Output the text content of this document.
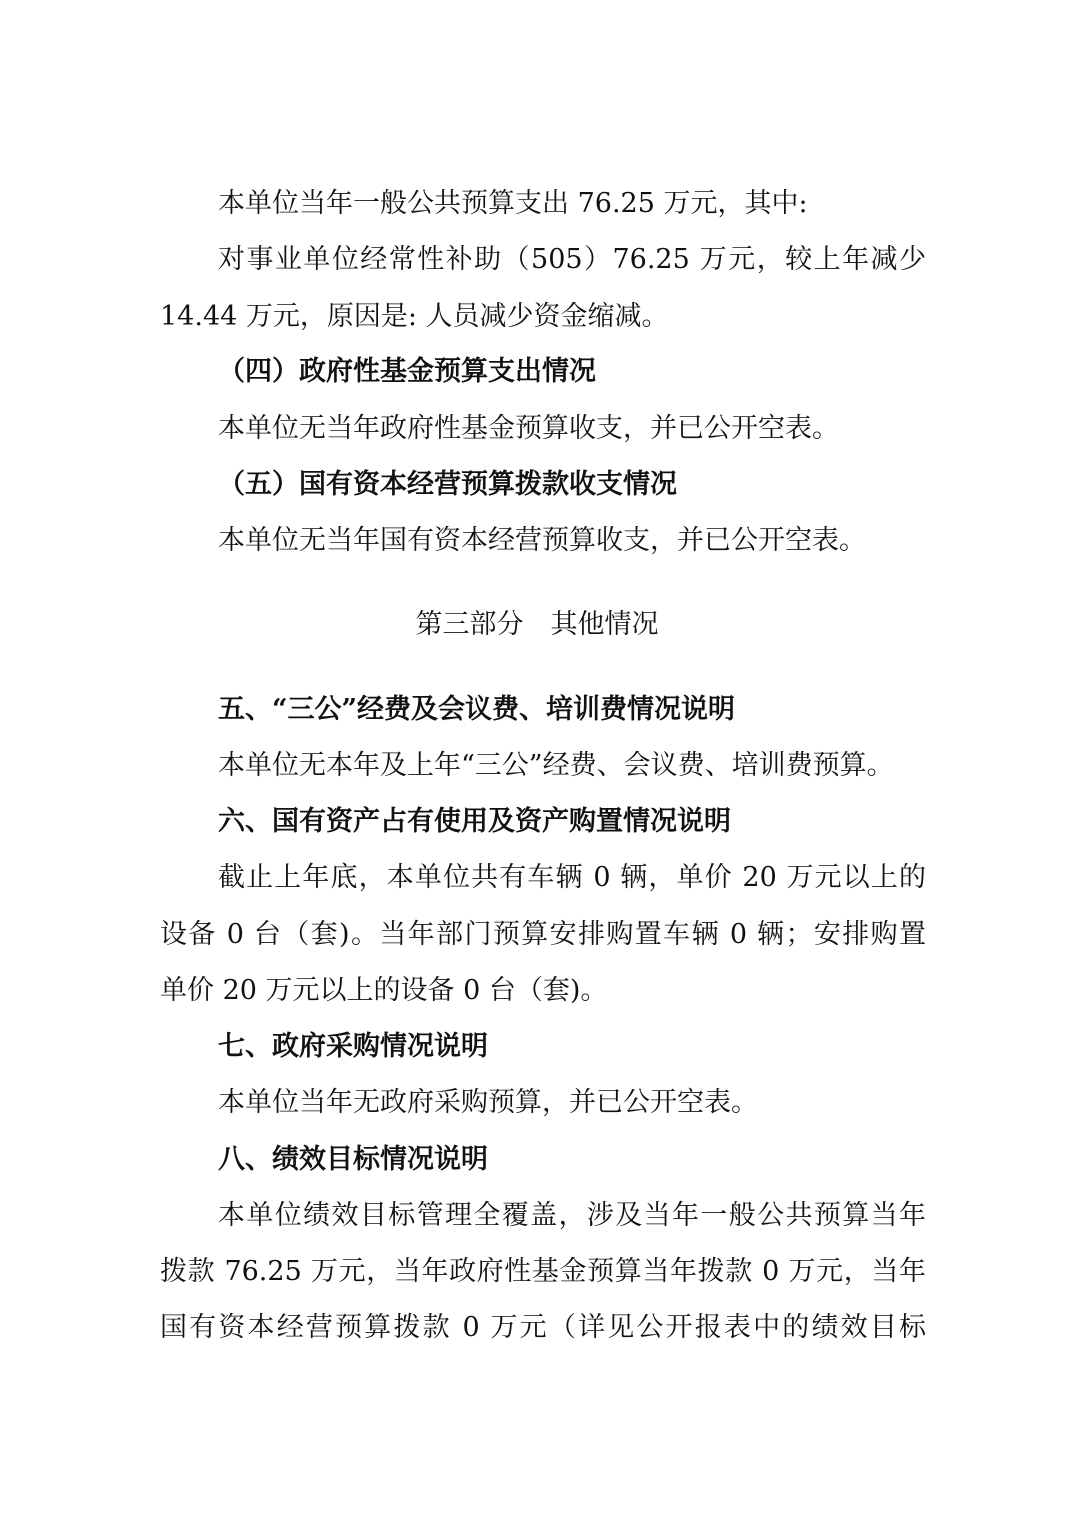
本单位当年一般公共预算支出 76.25 万元，其中:
对事业单位经常性补助（505）76.25 万元，较上年减少
14.44 万元，原因是: 人员减少资金缩减。
（四）政府性基金预算支出情况
本单位无当年政府性基金预算收支，并已公开空表。
（五）国有资本经营预算拨款收支情况
本单位无当年国有资本经营预算收支，并已公开空表。
第三部分　其他情况
五、“三公”经费及会议费、培训费情况说明
本单位无本年及上年“三公”经费、会议费、培训费预算。
六、国有资产占有使用及资产购置情况说明
截止上年底，本单位共有车辆 0 辆，单价 20 万元以上的
设备 0 台（套)。当年部门预算安排购置车辆 0 辆；安排购置
单价 20 万元以上的设备 0 台（套)。
七、政府采购情况说明
本单位当年无政府采购预算，并已公开空表。
八、绩效目标情况说明
本单位绩效目标管理全覆盖，涉及当年一般公共预算当年
拨款 76.25 万元，当年政府性基金预算当年拨款 0 万元，当年
国有资本经营预算拨款 0 万元（详见公开报表中的绩效目标
